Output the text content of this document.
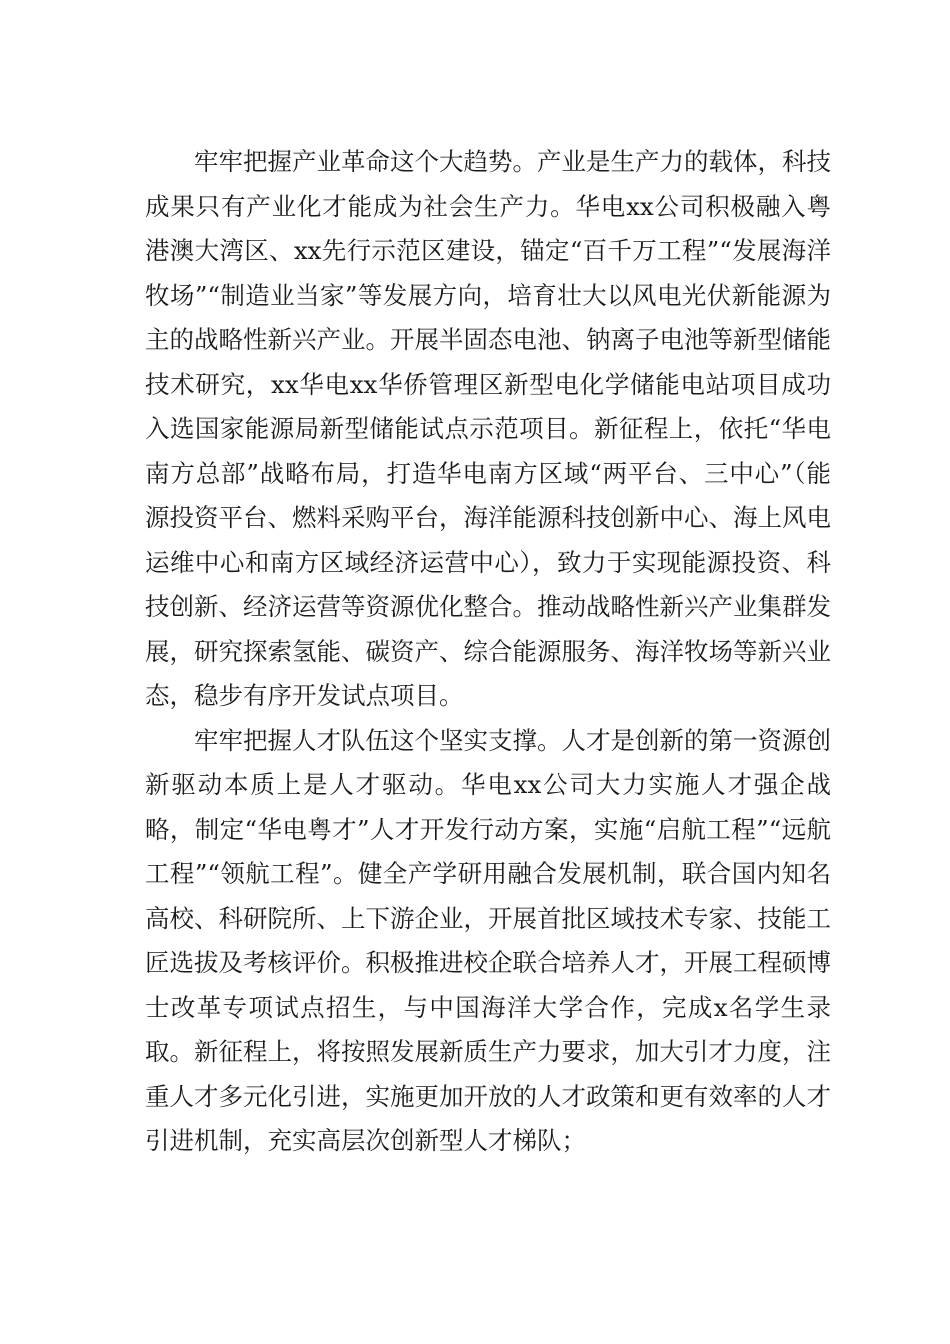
牢牢把握产业革命这个大趋势。产业是生产力的载体，科技成果只有产业化才能成为社会生产力。华电xx公司积极融入粤港澳大湾区、xx先行示范区建设，锚定“百千万工程”“发展海洋牧场”“制造业当家”等发展方向，培育壮大以风电光伏新能源为主的战略性新兴产业。开展半固态电池、钠离子电池等新型储能技术研究，xx华电xx华侨管理区新型电化学储能电站项目成功入选国家能源局新型储能试点示范项目。新征程上，依托“华电南方总部”战略布局，打造华电南方区域“两平台、三中心”（能源投资平台、燃料采购平台，海洋能源科技创新中心、海上风电运维中心和南方区域经济运营中心），致力于实现能源投资、科技创新、经济运营等资源优化整合。推动战略性新兴产业集群发展，研究探索氢能、碳资产、综合能源服务、海洋牧场等新兴业态，稳步有序开发试点项目。

牢牢把握人才队伍这个坚实支撑。人才是创新的第一资源创新驱动本质上是人才驱动。华电xx公司大力实施人才强企战略，制定“华电粤才”人才开发行动方案，实施“启航工程”“远航工程”“领航工程”。健全产学研用融合发展机制，联合国内知名高校、科研院所、上下游企业，开展首批区域技术专家、技能工匠选拔及考核评价。积极推进校企联合培养人才，开展工程硕博士改革专项试点招生，与中国海洋大学合作，完成x名学生录取。新征程上，将按照发展新质生产力要求，加大引才力度，注重人才多元化引进，实施更加开放的人才政策和更有效率的人才引进机制，充实高层次创新型人才梯队；
